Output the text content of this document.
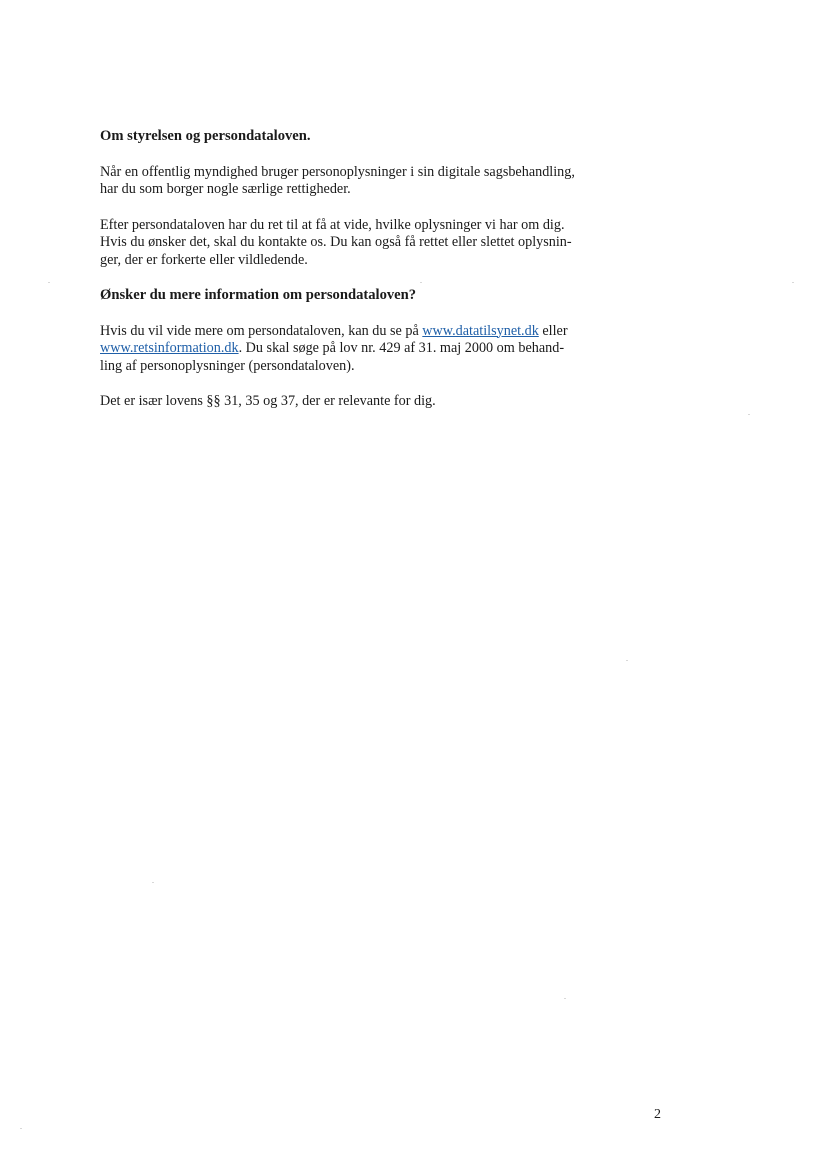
Om styrelsen og persondataloven.
Når en offentlig myndighed bruger personoplysninger i sin digitale sagsbehandling,
har du som borger nogle særlige rettigheder.
Efter persondataloven har du ret til at få at vide, hvilke oplysninger vi har om dig.
Hvis du ønsker det, skal du kontakte os. Du kan også få rettet eller slettet oplysnin-
ger, der er forkerte eller vildledende.
Ønsker du mere information om persondataloven?
Hvis du vil vide mere om persondataloven, kan du se på www.datatilsynet.dk eller
www.retsinformation.dk. Du skal søge på lov nr. 429 af 31. maj 2000 om behand-
ling af personoplysninger (persondataloven).
Det er især lovens §§ 31, 35 og 37, der er relevante for dig.
2
